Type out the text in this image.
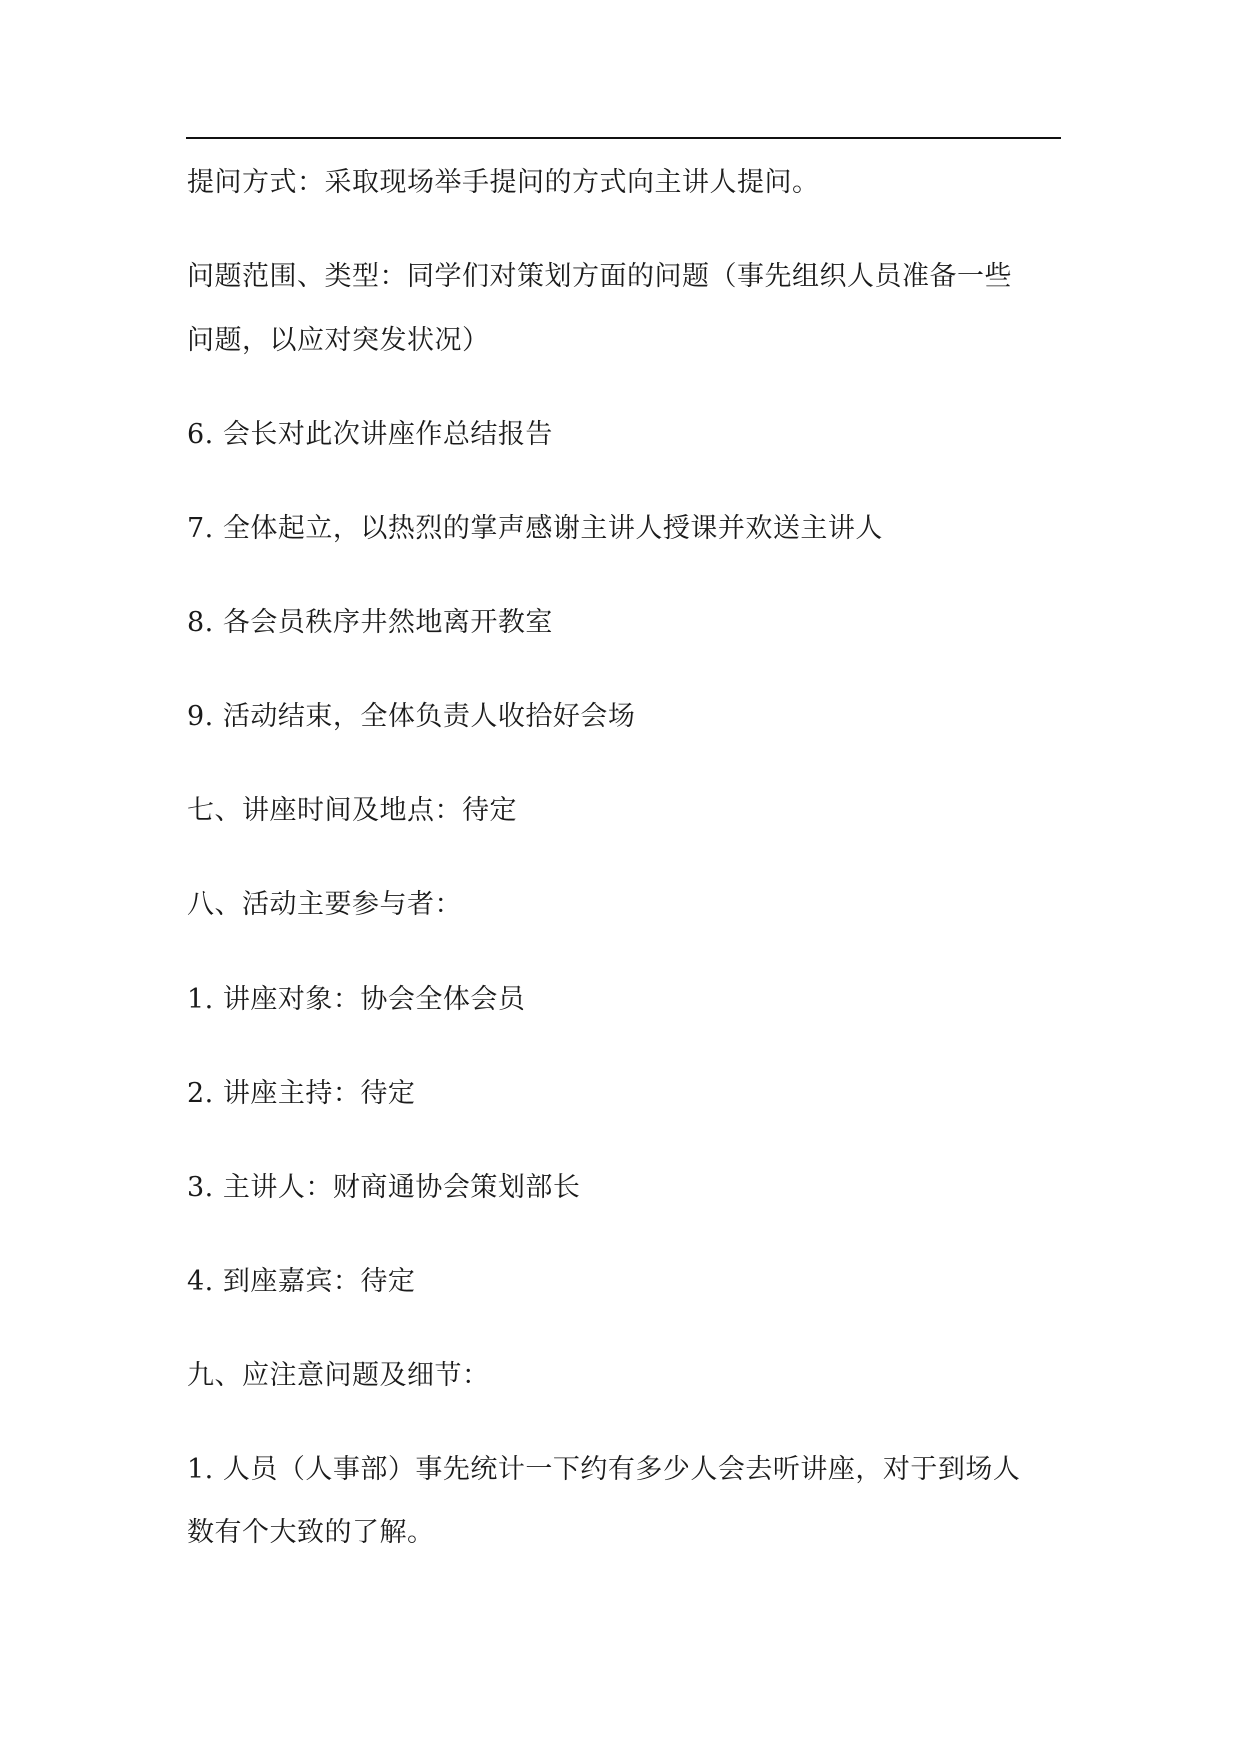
提问方式：采取现场举手提问的方式向主讲人提问。
问题范围、类型：同学们对策划方面的问题（事先组织人员准备一些
问题，以应对突发状况）
6. 会长对此次讲座作总结报告
7. 全体起立，以热烈的掌声感谢主讲人授课并欢送主讲人
8. 各会员秩序井然地离开教室
9. 活动结束，全体负责人收拾好会场
七、讲座时间及地点：待定
八、活动主要参与者：
1. 讲座对象：协会全体会员
2. 讲座主持：待定
3. 主讲人：财商通协会策划部长
4. 到座嘉宾：待定
九、应注意问题及细节：
1. 人员（人事部）事先统计一下约有多少人会去听讲座，对于到场人
数有个大致的了解。
